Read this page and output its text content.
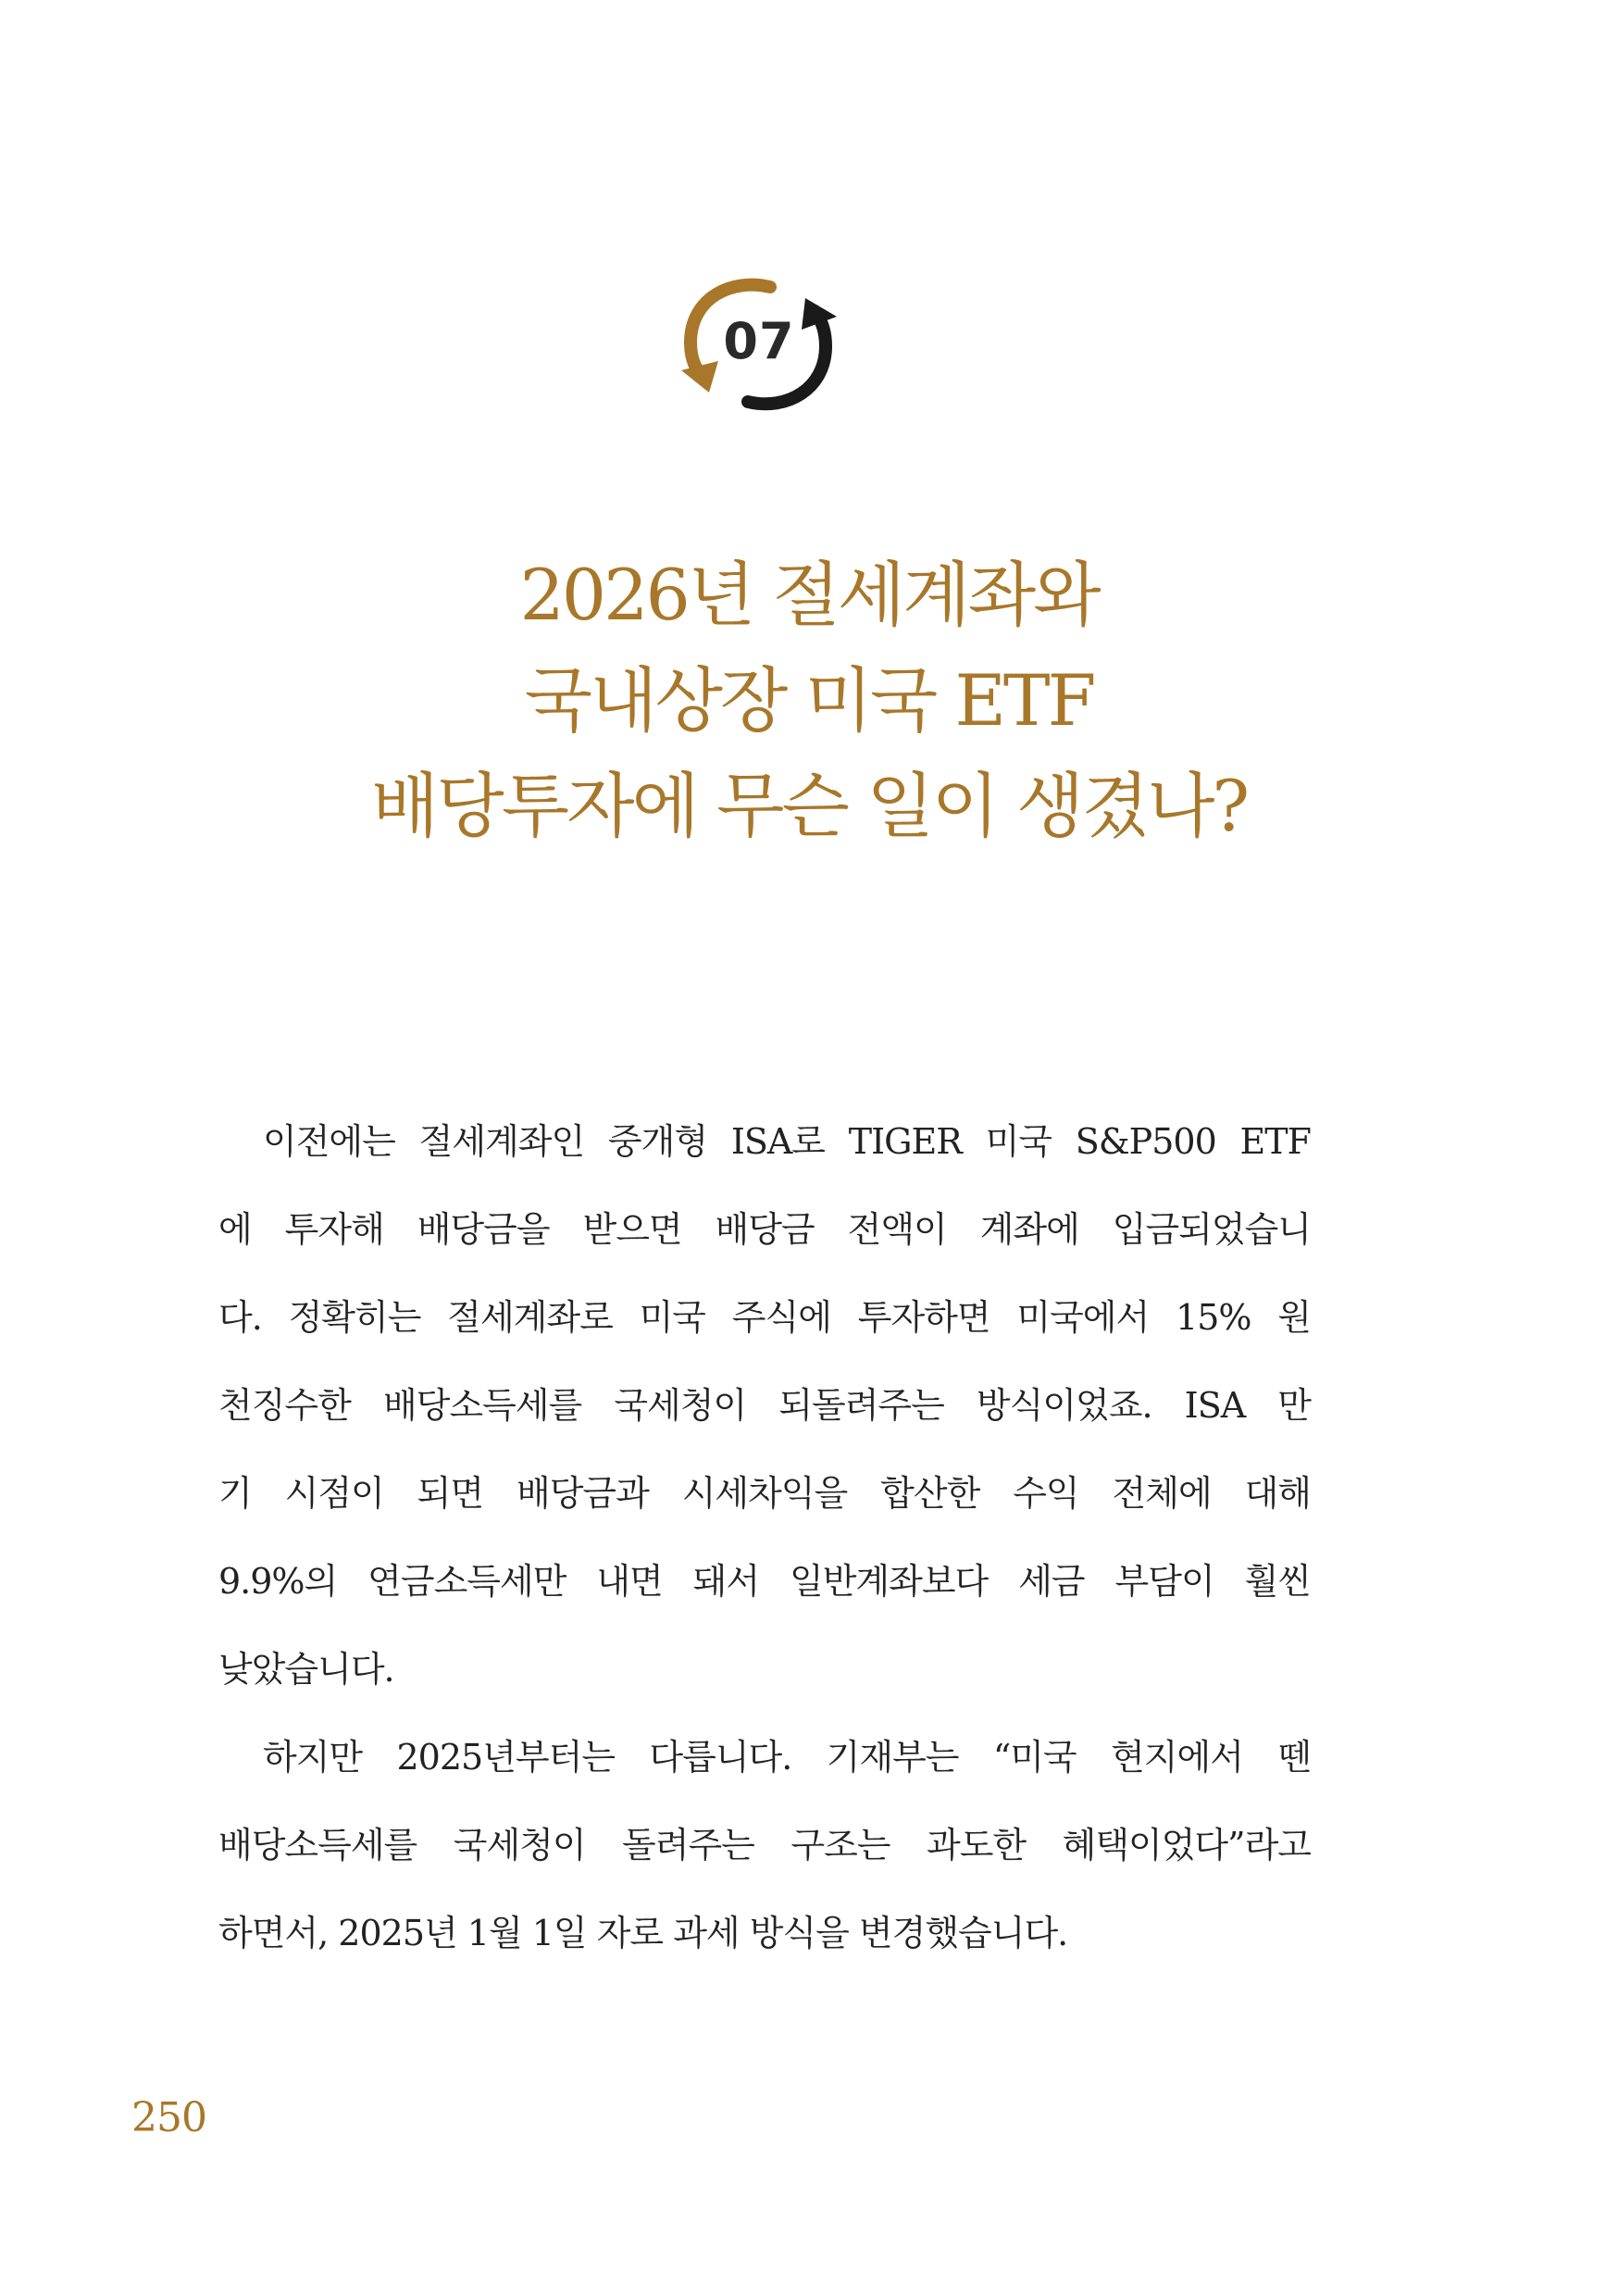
07
2026년 절세계좌와
국내상장 미국 ETF
배당투자에 무슨 일이 생겼나?
이전에는 절세계좌인 중개형 ISA로 TIGER 미국 S&P500 ETF
에 투자해 배당금을 받으면 배당금 전액이 계좌에 입금되었습니
다. 정확히는 절세계좌로 미국 주식에 투자하면 미국에서 15% 원
천징수한 배당소득세를 국세청이 되돌려주는 방식이었죠. ISA 만
기 시점이 되면 배당금과 시세차익을 합산한 수익 전체에 대해
9.9%의 연금소득세만 내면 돼서 일반계좌보다 세금 부담이 훨씬
낮았습니다.
하지만 2025년부터는 다릅니다. 기재부는 “미국 현지에서 뗀
배당소득세를 국세청이 돌려주는 구조는 과도한 혜택이었다”라고
하면서, 2025년 1월 1일 자로 과세 방식을 변경했습니다.
250
